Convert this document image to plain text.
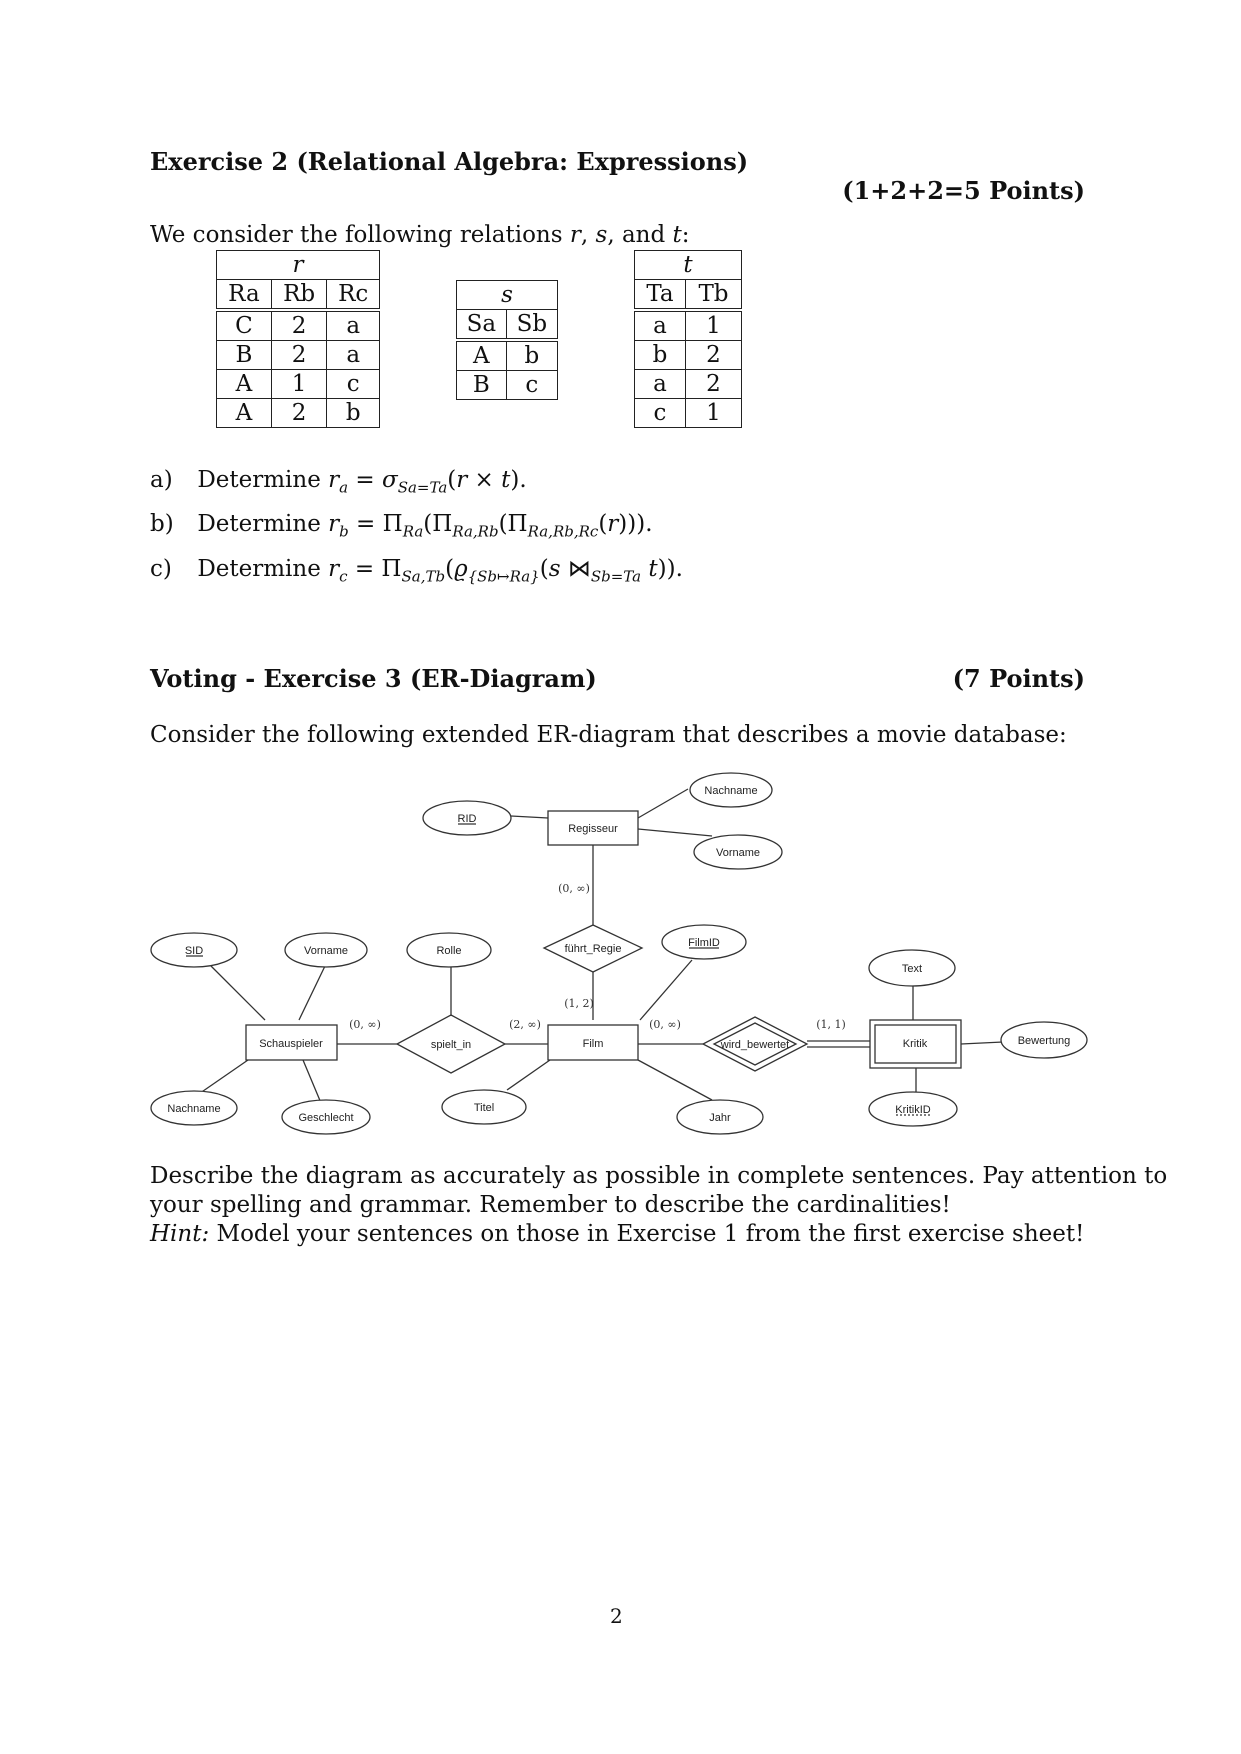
Exercise 2 (Relational Algebra: Expressions)
(1+2+2=5 Points)
We consider the following relations r, s, and t:
r		
Ra	Rb	Rc
C	2	a
B	2	a
A	1	c
A	2	b
s	
Sa	Sb
A	b
B	c
t	
Ta	Tb
a	1
b	2
a	2
c	1
a) Determine $r_a = \sigma_{Sa=Ta}(r \times t)$.
b) Determine $r_b = \Pi_{Ra}(\Pi_{Ra,Rb}(\Pi_{Ra,Rb,Rc}(r)))$.
c) Determine $r_c = \Pi_{Sa,Tb}(ϱ_{\{Sb↦Ra\}}(s$ $⋈_{Sb=Ta}$ t)).
Voting - Exercise 3 (ER-Diagram)	(7 Points)
Consider the following extended ER-diagram that describes a movie database:
Regisseur
Schauspieler	Film	Kritik
führt_Regie
spielt_in	wird_bewertet
RID
Nachname
Vorname
SID	Vorname	Rolle
FilmID
Text
Nachname
Geschlecht
Titel
Jahr
KritikID
Bewertung
(0, ∞)
(1, 2)
(0, ∞)	(2, ∞)	(0, ∞)	(1, 1)
Describe the diagram as accurately as possible in complete sentences. Pay attention to
your spelling and grammar. Remember to describe the cardinalities!
Hint: Model your sentences on those in Exercise 1 from the first exercise sheet!
2
